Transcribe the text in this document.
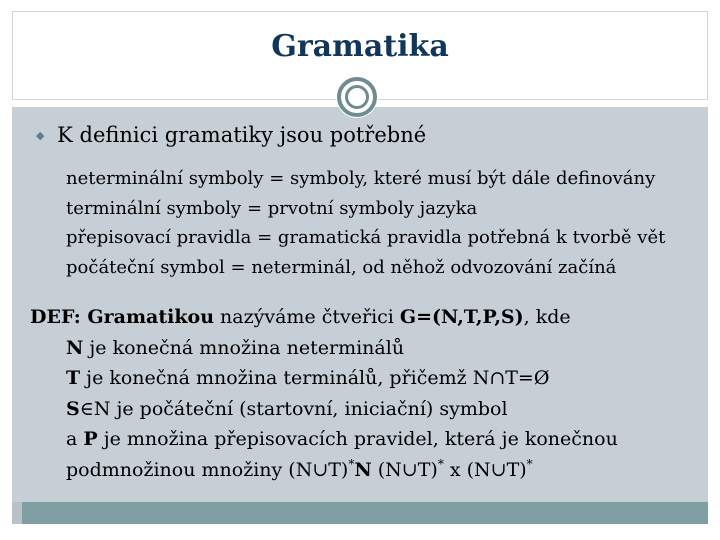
Gramatika
◆ K definici gramatiky jsou potřebné
neterminální symboly = symboly, které musí být dále definovány
terminální symboly = prvotní symboly jazyka
přepisovací pravidla = gramatická pravidla potřebná k tvorbě vět
počáteční symbol = neterminál, od něhož odvozování začíná
DEF: Gramatikou nazýváme čtveřici G=(N,T,P,S), kde
N je konečná množina neterminálů
T je konečná množina terminálů, přičemž N∩T=Ø
S∈N je počáteční (startovní, iniciační) symbol
a P je množina přepisovacích pravidel, která je konečnou
podmnožinou množiny (N∪T)*N (N∪T)* x (N∪T)*
